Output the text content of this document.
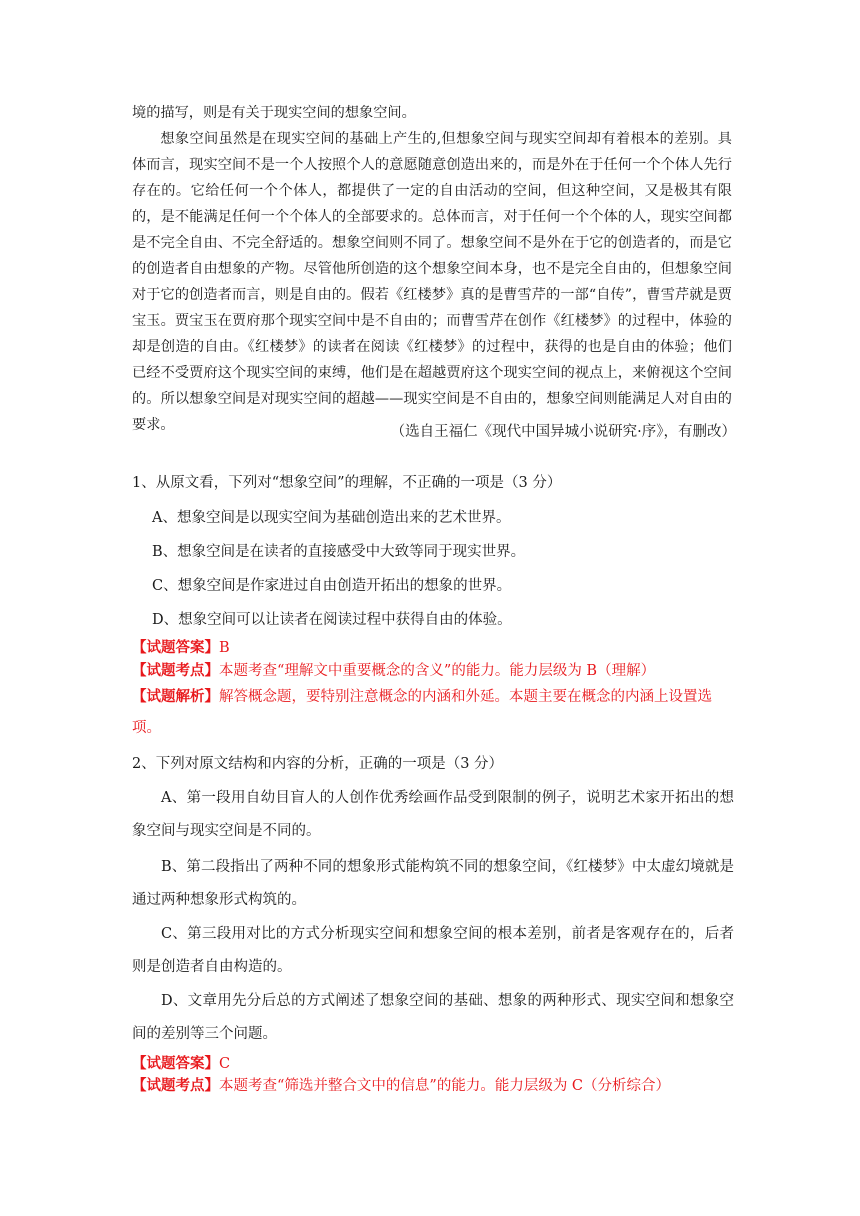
境的描写，则是有关于现实空间的想象空间。

想象空间虽然是在现实空间的基础上产生的,但想象空间与现实空间却有着根本的差别。具体而言，现实空间不是一个人按照个人的意愿随意创造出来的，而是外在于任何一个个体人先行存在的。它给任何一个个体人，都提供了一定的自由活动的空间，但这种空间，又是极其有限的，是不能满足任何一个个体人的全部要求的。总体而言，对于任何一个个体的人，现实空间都是不完全自由、不完全舒适的。想象空间则不同了。想象空间不是外在于它的创造者的，而是它的创造者自由想象的产物。尽管他所创造的这个想象空间本身，也不是完全自由的，但想象空间对于它的创造者而言，则是自由的。假若《红楼梦》真的是曹雪芹的一部“自传”，曹雪芹就是贾宝玉。贾宝玉在贾府那个现实空间中是不自由的；而曹雪芹在创作《红楼梦》的过程中，体验的却是创造的自由。《红楼梦》的读者在阅读《红楼梦》的过程中，获得的也是自由的体验；他们已经不受贾府这个现实空间的束缚，他们是在超越贾府这个现实空间的视点上，来俯视这个空间的。所以想象空间是对现实空间的超越——现实空间是不自由的，想象空间则能满足人对自由的要求。	（选自王福仁《现代中国异城小说研究·序》，有删改）
1、从原文看，下列对“想象空间”的理解，不正确的一项是（3 分）
A、想象空间是以现实空间为基础创造出来的艺术世界。
B、想象空间是在读者的直接感受中大致等同于现实世界。
C、想象空间是作家进过自由创造开拓出的想象的世界。
D、想象空间可以让读者在阅读过程中获得自由的体验。
【试题答案】B
【试题考点】本题考查“理解文中重要概念的含义”的能力。能力层级为 B（理解）
【试题解析】解答概念题，要特别注意概念的内涵和外延。本题主要在概念的内涵上设置选项。
2、下列对原文结构和内容的分析，正确的一项是（3 分）
A、第一段用自幼目盲人的人创作优秀绘画作品受到限制的例子，说明艺术家开拓出的想象空间与现实空间是不同的。
B、第二段指出了两种不同的想象形式能构筑不同的想象空间，《红楼梦》中太虚幻境就是通过两种想象形式构筑的。
C、第三段用对比的方式分析现实空间和想象空间的根本差别，前者是客观存在的，后者则是创造者自由构造的。
D、文章用先分后总的方式阐述了想象空间的基础、想象的两种形式、现实空间和想象空间的差别等三个问题。
【试题答案】C
【试题考点】本题考查“筛选并整合文中的信息”的能力。能力层级为 C（分析综合）
